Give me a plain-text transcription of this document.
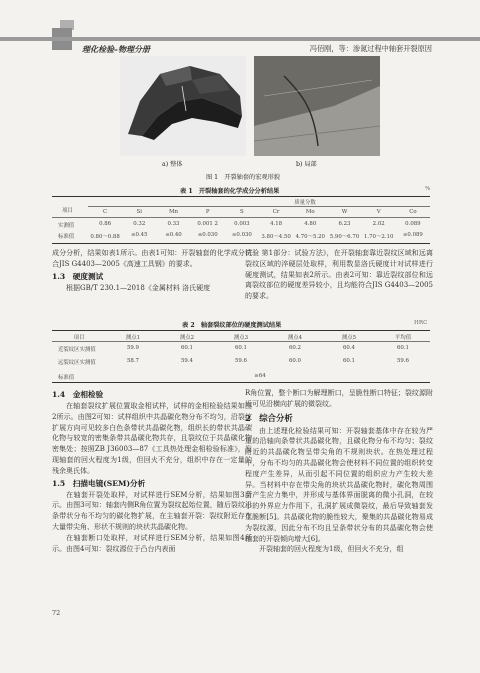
理化检验–物理分册	冯佰刚，等：渗氮过程中轴套开裂原因
a) 整体	b) 局部
图 1　开裂轴套的宏观形貌
表 1　开裂轴套的化学成分分析结果	%
项目
质量分数

成分分析，结果如表1所示。由表1可知：开裂轴套的化学成分符合JIS G4403—2005《高速工具钢》的要求。

1.3　硬度测试

根据GB/T 230.1—2018《金属材料 洛氏硬度

试验 第1部分：试验方法》，在开裂轴套靠近裂纹区域和远离裂纹区域的淬硬层处取样，利用数显洛氏硬度计对试样进行硬度测试，结果如表2所示。由表2可知：靠近裂纹部位和远离裂纹部位的硬度差异较小，且均能符合JIS G4403—2005的要求。

表 2　轴套裂纹部位的硬度测试结果	HRC
标准值	≥64

1.4　金相检验

在轴套裂纹扩展位置取金相试样，试样的金相检验结果如图2所示。由图2可知：试样组织中共晶碳化物分布不均匀，沿裂纹扩展方向可见较多白色条带状共晶碳化物，组织长的带状共晶碳化物与较宽的密集条带共晶碳化物共存，且裂纹位于共晶碳化物密集处；按照ZB J36003—87《工具热处理金相检验标准》，发现轴套的回火程度为1级，但回火不充分，组织中存在一定量的残余奥氏体。

1.5　扫描电镜(SEM)分析

在轴套开裂处取样，对试样进行SEM分析，结果如图3所示。由图3可知：轴套内侧R角位置为裂纹起始位置，随后裂纹沿条带状分布不均匀的碳化物扩展，在主轴套开裂：裂纹附近存在大量带尖角、形状不规则的块状共晶碳化物。

在轴套断口处取样，对试样进行SEM分析，结果如图4所示。由图4可知：裂纹源位于凸台内表面

R角位置，整个断口为解理断口，呈脆性断口特征；裂纹源附近可见沿横向扩展的微裂纹。

2　综合分析

由上述理化检验结果可知：开裂轴套基体中存在较为严重的沿轴向条带状共晶碳化物，且碳化物分布不均匀；裂纹附近的共晶碳化物呈带尖角的不规则块状。在热处理过程中，分布不均匀的共晶碳化物会使材料不同位置的组织转变程度产生差异，从而引起不同位置的组织应力产生较大差异。当材料中存在带尖角的块状共晶碳化物时，碳化物周围会产生应力集中，并形成与基体界面脱离的微小孔洞，在较小的外界应力作用下，孔洞扩展成微裂纹，最后导致轴套发生脆断[5]。共晶碳化物的脆性较大，聚集的共晶碳化物易成为裂纹源，因此分布不均且呈条带状分布的共晶碳化物会使轴套的开裂倾向增大[6]。

开裂轴套的回火程度为1级，但回火不充分，组

72
C	Si	Mn	P	S	Cr	Mo	W	V	Co
实测值	0.86	0.32	0.33	0.001 2	0.003	4.18	4.80	6.23	2.02	0.089
标准值	0.80～0.88	≤0.45	≤0.40	≤0.030	≤0.030	3.80～4.50 4.70～5.20 5.90～6.70 1.70～2.10	≤0.089
项目	测点1	测点2	测点3	测点4	测点5	平均值
近裂纹区实测值	59.9	60.1	60.1	60.2	60.4	60.1
远裂纹区实测值	58.7	59.4	59.6	60.0	60.1	59.6
